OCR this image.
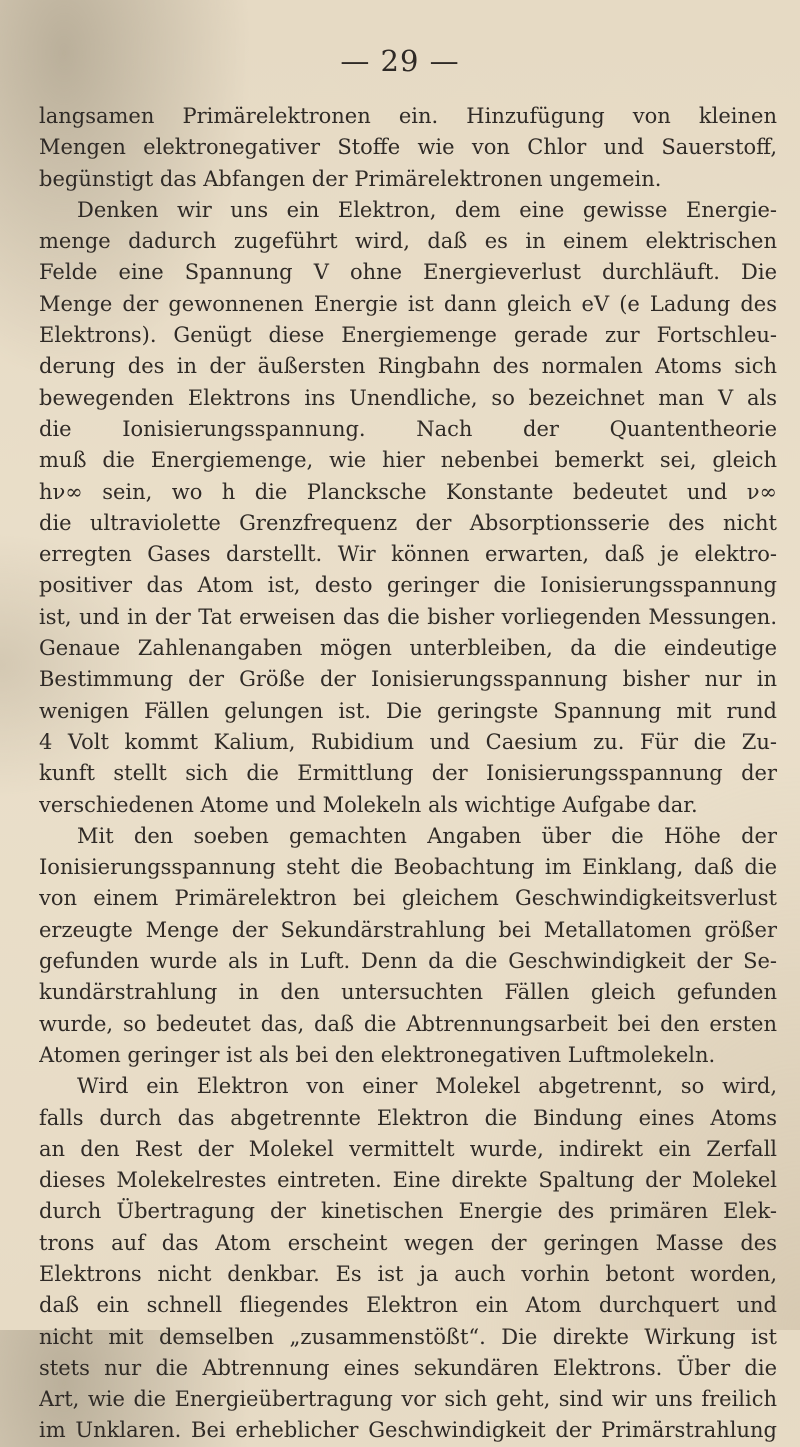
— 29 —
langsamen Primärelektronen ein. Hinzufügung von kleinen
Mengen elektronegativer Stoffe wie von Chlor und Sauerstoff,
begünstigt das Abfangen der Primärelektronen ungemein.
Denken wir uns ein Elektron, dem eine gewisse Energie-
menge dadurch zugeführt wird, daß es in einem elektrischen
Felde eine Spannung V ohne Energieverlust durchläuft. Die
Menge der gewonnenen Energie ist dann gleich eV (e Ladung des
Elektrons). Genügt diese Energiemenge gerade zur Fortschleu-
derung des in der äußersten Ringbahn des normalen Atoms sich
bewegenden Elektrons ins Unendliche, so bezeichnet man V als
die Ionisierungsspannung. Nach der Quantentheorie
muß die Energiemenge, wie hier nebenbei bemerkt sei, gleich
hν∞ sein, wo h die Plancksche Konstante bedeutet und ν∞
die ultraviolette Grenzfrequenz der Absorptionsserie des nicht
erregten Gases darstellt. Wir können erwarten, daß je elektro-
positiver das Atom ist, desto geringer die Ionisierungsspannung
ist, und in der Tat erweisen das die bisher vorliegenden Messungen.
Genaue Zahlenangaben mögen unterbleiben, da die eindeutige
Bestimmung der Größe der Ionisierungsspannung bisher nur in
wenigen Fällen gelungen ist. Die geringste Spannung mit rund
4 Volt kommt Kalium, Rubidium und Caesium zu. Für die Zu-
kunft stellt sich die Ermittlung der Ionisierungsspannung der
verschiedenen Atome und Molekeln als wichtige Aufgabe dar.
Mit den soeben gemachten Angaben über die Höhe der
Ionisierungsspannung steht die Beobachtung im Einklang, daß die
von einem Primärelektron bei gleichem Geschwindigkeitsverlust
erzeugte Menge der Sekundärstrahlung bei Metallatomen größer
gefunden wurde als in Luft. Denn da die Geschwindigkeit der Se-
kundärstrahlung in den untersuchten Fällen gleich gefunden
wurde, so bedeutet das, daß die Abtrennungsarbeit bei den ersten
Atomen geringer ist als bei den elektronegativen Luftmolekeln.
Wird ein Elektron von einer Molekel abgetrennt, so wird,
falls durch das abgetrennte Elektron die Bindung eines Atoms
an den Rest der Molekel vermittelt wurde, indirekt ein Zerfall
dieses Molekelrestes eintreten. Eine direkte Spaltung der Molekel
durch Übertragung der kinetischen Energie des primären Elek-
trons auf das Atom erscheint wegen der geringen Masse des
Elektrons nicht denkbar. Es ist ja auch vorhin betont worden,
daß ein schnell fliegendes Elektron ein Atom durchquert und
nicht mit demselben „zusammenstößt“. Die direkte Wirkung ist
stets nur die Abtrennung eines sekundären Elektrons. Über die
Art, wie die Energieübertragung vor sich geht, sind wir uns freilich
im Unklaren. Bei erheblicher Geschwindigkeit der Primärstrahlung
